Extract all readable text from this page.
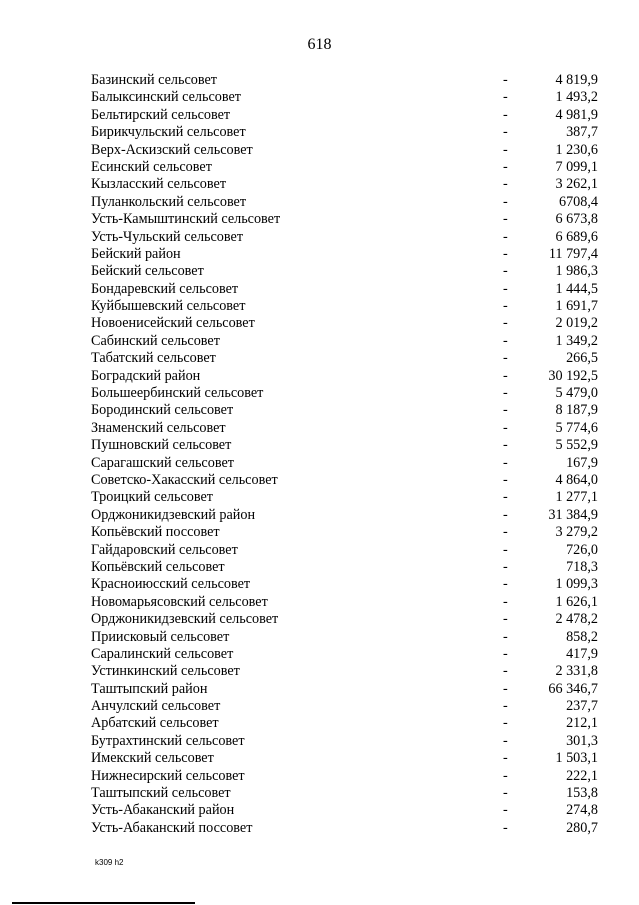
618
Базинский сельсовет	-	4 819,9
Балыксинский сельсовет	-	1 493,2
Бельтирский сельсовет	-	4 981,9
Бирикчульский сельсовет	-	387,7
Верх-Аскизский сельсовет	-	1 230,6
Есинский сельсовет	-	7 099,1
Кызласский сельсовет	-	3 262,1
Пуланкольский сельсовет	-	6708,4
Усть-Камыштинский сельсовет	-	6 673,8
Усть-Чульский сельсовет	-	6 689,6
Бейский район	-	11 797,4
Бейский сельсовет	-	1 986,3
Бондаревский сельсовет	-	1 444,5
Куйбышевский сельсовет	-	1 691,7
Новоенисейский сельсовет	-	2 019,2
Сабинский сельсовет	-	1 349,2
Табатский сельсовет	-	266,5
Боградский район	-	30 192,5
Большеербинский сельсовет	-	5 479,0
Бородинский сельсовет	-	8 187,9
Знаменский сельсовет	-	5 774,6
Пушновский сельсовет	-	5 552,9
Сарагашский сельсовет	-	167,9
Советско-Хакасский сельсовет	-	4 864,0
Троицкий сельсовет	-	1 277,1
Орджоникидзевский район	-	31 384,9
Копьёвский поссовет	-	3 279,2
Гайдаровский сельсовет	-	726,0
Копьёвский сельсовет	-	718,3
Красноиюсский сельсовет	-	1 099,3
Новомарьясовский сельсовет	-	1 626,1
Орджоникидзевский сельсовет	-	2 478,2
Приисковый сельсовет	-	858,2
Саралинский сельсовет	-	417,9
Устинкинский сельсовет	-	2 331,8
Таштыпский район	-	66 346,7
Анчулский сельсовет	-	237,7
Арбатский сельсовет	-	212,1
Бутрахтинский сельсовет	-	301,3
Имекский сельсовет	-	1 503,1
Нижнесирский сельсовет	-	222,1
Таштыпский сельсовет	-	153,8
Усть-Абаканский район	-	274,8
Усть-Абаканский поссовет	-	280,7
k309 h2
